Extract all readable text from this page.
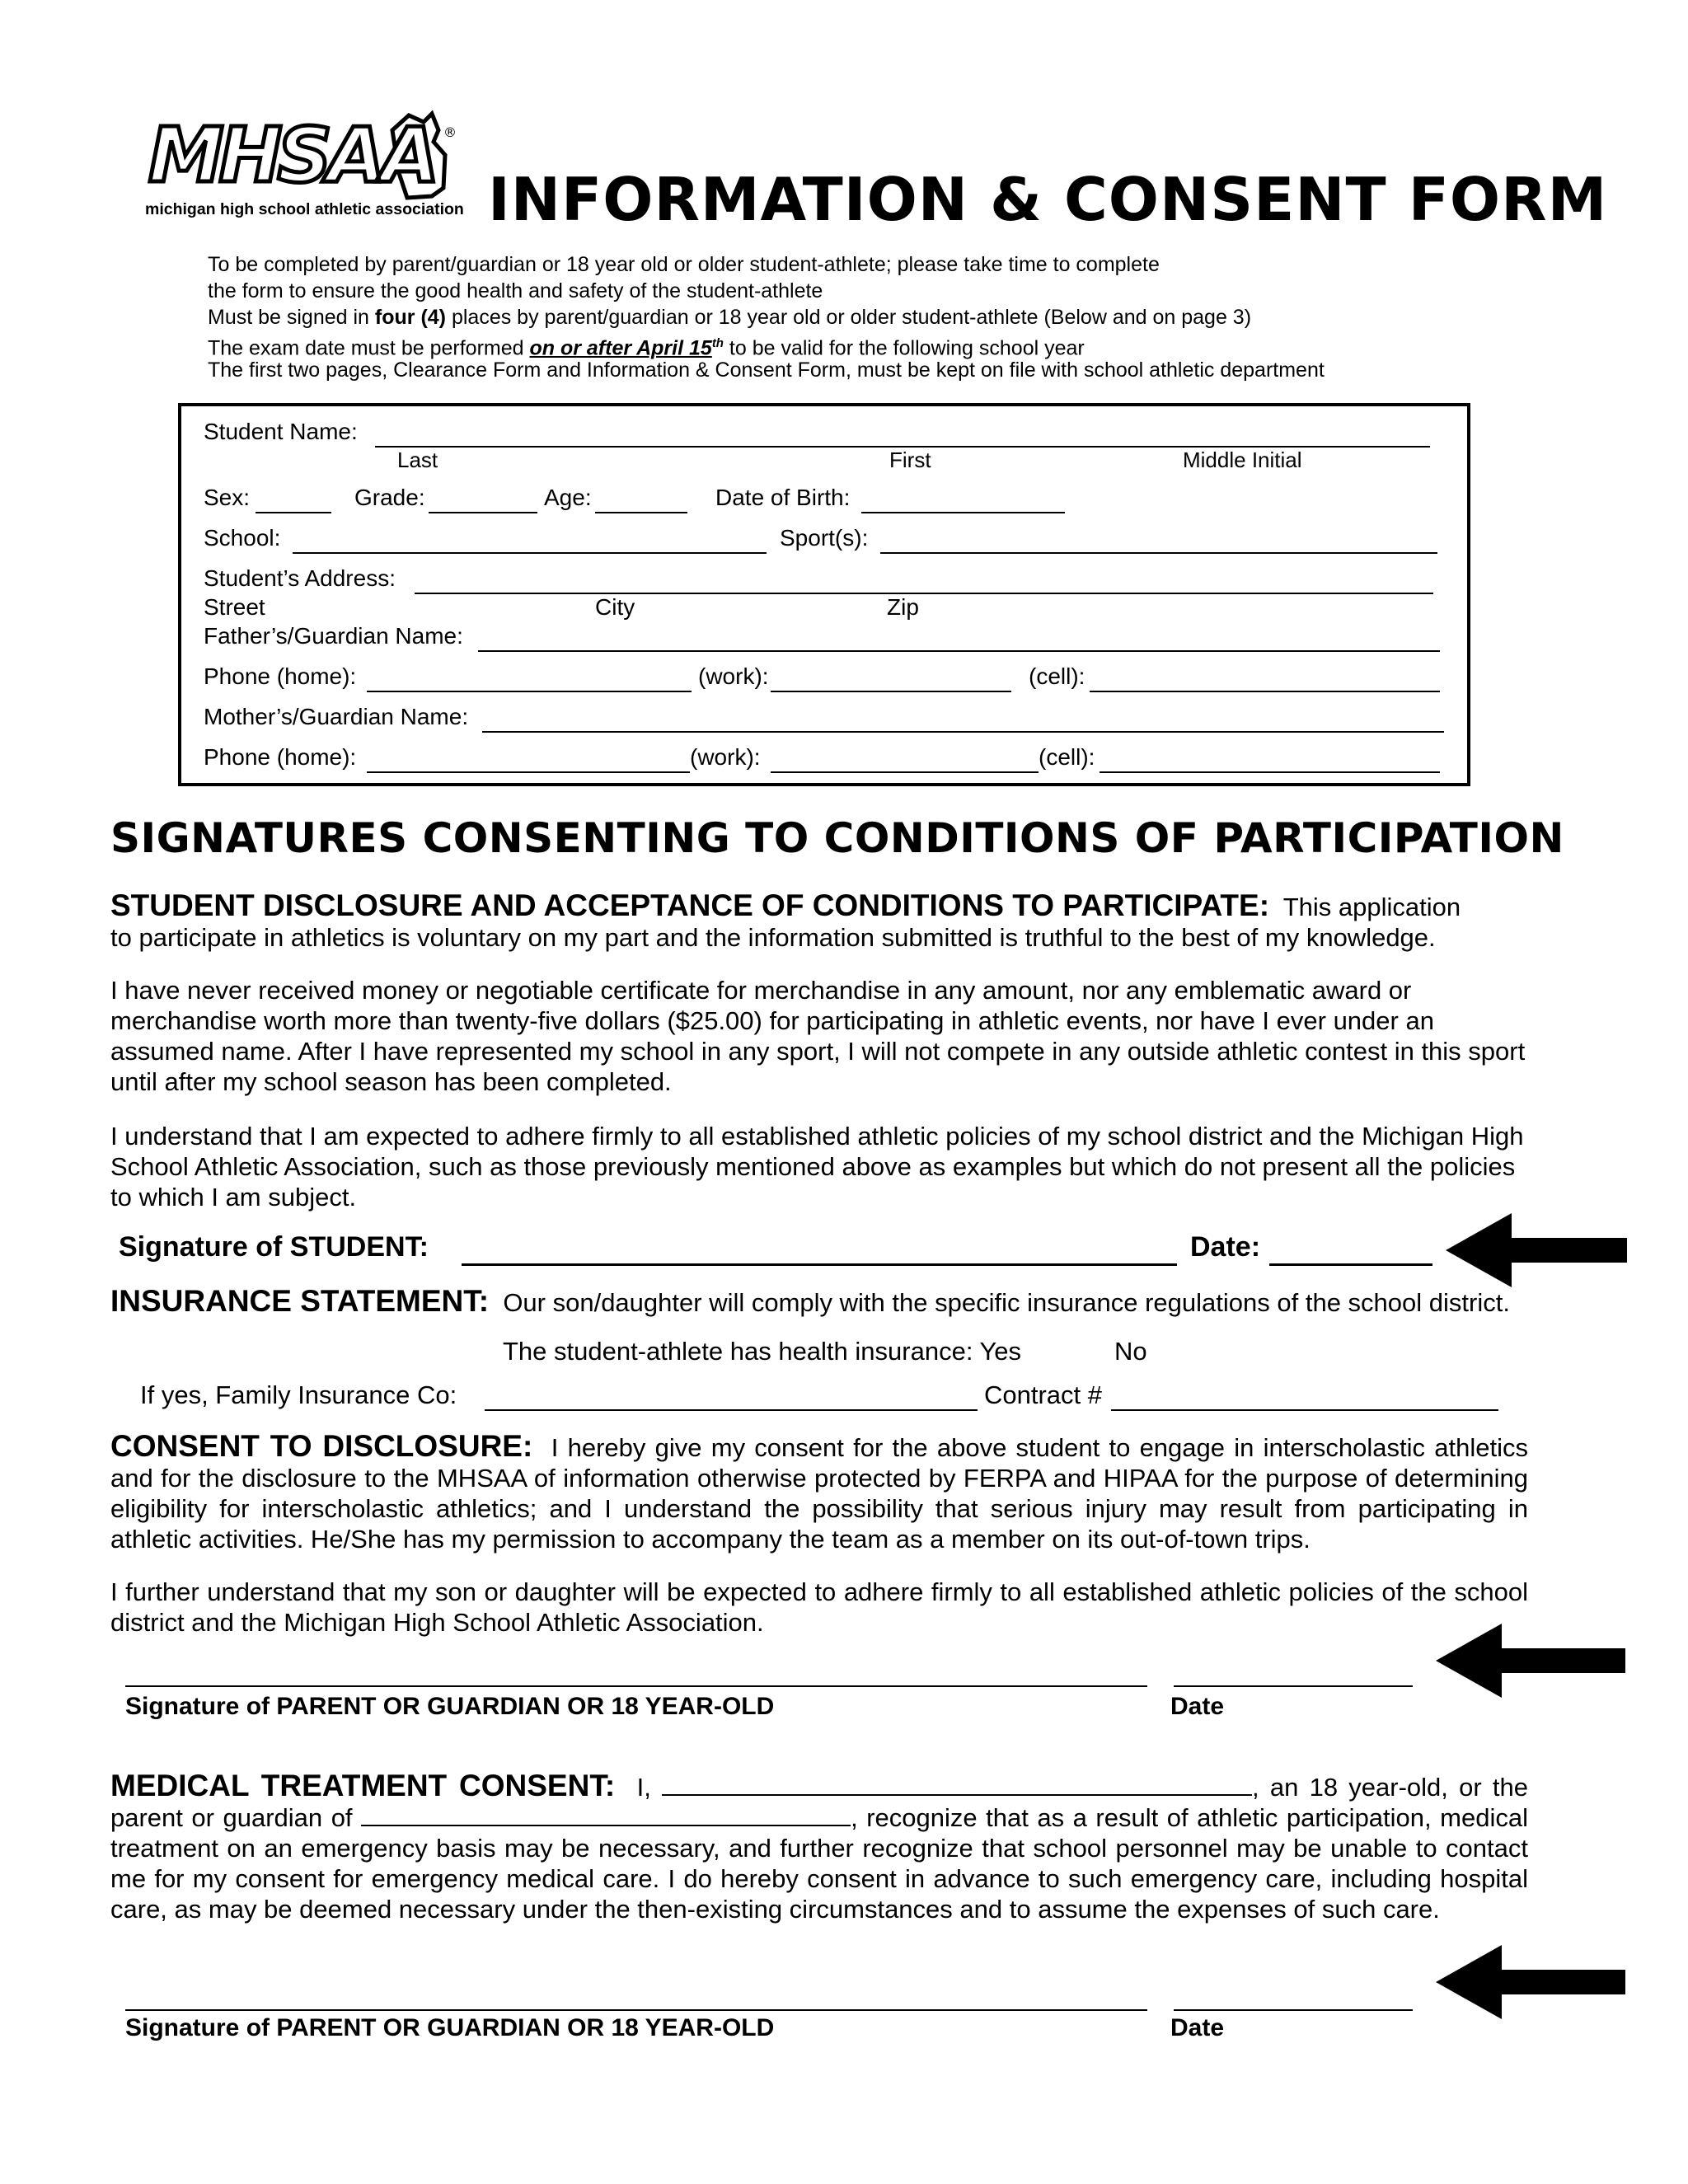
MHSAA ®
michigan high school athletic association INFORMATION & CONSENT FORM
To be completed by parent/guardian or 18 year old or older student-athlete; please take time to complete
the form to ensure the good health and safety of the student-athlete
Must be signed in four (4) places by parent/guardian or 18 year old or older student-athlete (Below and on page 3)
The exam date must be performed on or after April 15th to be valid for the following school year
The first two pages, Clearance Form and Information & Consent Form, must be kept on file with school athletic department
Student Name:
Last	First	Middle Initial
Sex:	Grade:	Age:	Date of Birth:
School:	Sport(s):
Student’s Address:
Street	City	Zip
Father’s/Guardian Name:
Phone (home):	(work):	(cell):
Mother’s/Guardian Name:
Phone (home):	(work):	(cell):
SIGNATURES CONSENTING TO CONDITIONS OF PARTICIPATION
STUDENT DISCLOSURE AND ACCEPTANCE OF CONDITIONS TO PARTICIPATE: This application
to participate in athletics is voluntary on my part and the information submitted is truthful to the best of my knowledge.
I have never received money or negotiable certificate for merchandise in any amount, nor any emblematic award or merchandise worth more than twenty-five dollars ($25.00) for participating in athletic events, nor have I ever under an assumed name. After I have represented my school in any sport, I will not compete in any outside athletic contest in this sport until after my school season has been completed.
I understand that I am expected to adhere firmly to all established athletic policies of my school district and the Michigan High School Athletic Association, such as those previously mentioned above as examples but which do not present all the policies to which I am subject.
Signature of STUDENT:	Date:
INSURANCE STATEMENT: Our son/daughter will comply with the specific insurance regulations of the school district.
The student-athlete has health insurance: Yes	No
If yes, Family Insurance Co:	Contract #
CONSENT TO DISCLOSURE: I hereby give my consent for the above student to engage in interscholastic athletics and for the disclosure to the MHSAA of information otherwise protected by FERPA and HIPAA for the purpose of determining eligibility for interscholastic athletics; and I understand the possibility that serious injury may result from participating in athletic activities. He/She has my permission to accompany the team as a member on its out-of-town trips.
I further understand that my son or daughter will be expected to adhere firmly to all established athletic policies of the school district and the Michigan High School Athletic Association.
Signature of PARENT OR GUARDIAN OR 18 YEAR-OLD	Date
MEDICAL TREATMENT CONSENT: I,	, an 18 year-old, or the parent or guardian of	, recognize that as a result of athletic participation, medical treatment on an emergency basis may be necessary, and further recognize that school personnel may be unable to contact me for my consent for emergency medical care. I do hereby consent in advance to such emergency care, including hospital care, as may be deemed necessary under the then-existing circumstances and to assume the expenses of such care.
Signature of PARENT OR GUARDIAN OR 18 YEAR-OLD	Date
